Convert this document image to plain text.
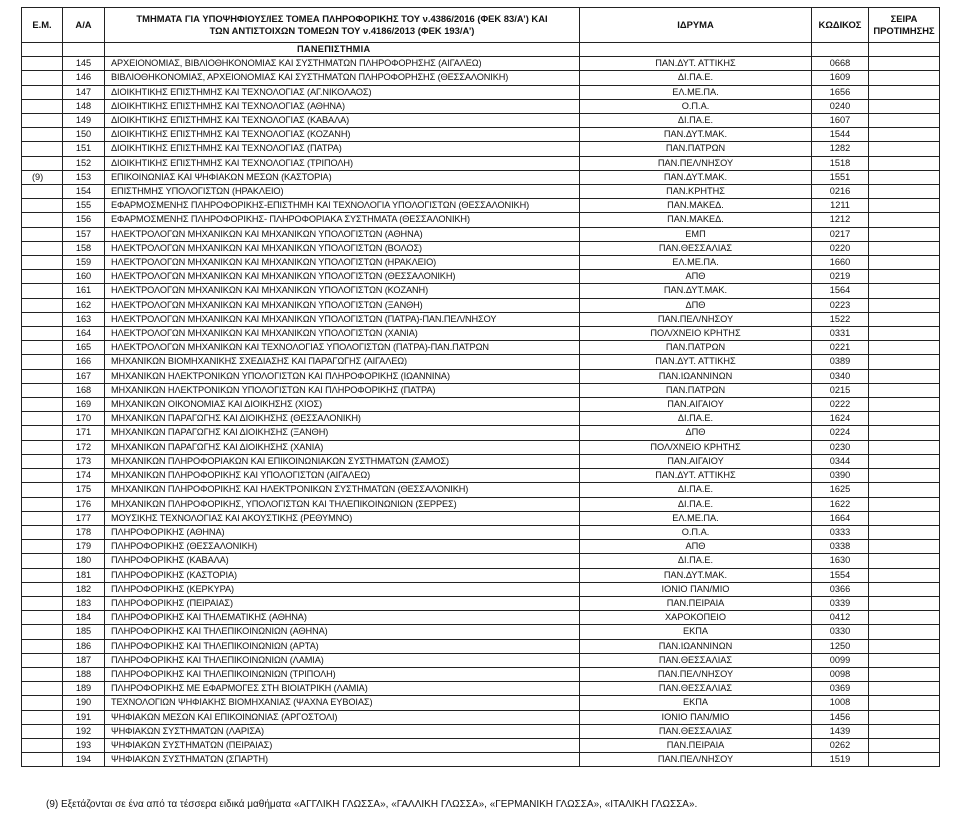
Ε.Μ.	Α/Α	ΤΜΗΜΑΤΑ ΓΙΑ ΥΠΟΨΗΦΙΟΥΣ/ΙΕΣ ΤΟΜΕΑ ΠΛΗΡΟΦΟΡΙΚΗΣ ΤΟΥ ν.4386/2016 (ΦΕΚ 83/Α’) ΚΑΙ
ΤΩΝ ΑΝΤΙΣΤΟΙΧΩΝ ΤΟΜΕΩΝ ΤΟΥ ν.4186/2013 (ΦΕΚ 193/Α’)	ΙΔΡΥΜΑ	ΚΩΔΙΚΟΣ	ΣΕΙΡΑ
ΠΡΟΤΙΜΗΣΗΣ
		ΠΑΝΕΠΙΣΤΗΜΙΑ			
	145	ΑΡΧΕΙΟΝΟΜΙΑΣ, ΒΙΒΛΙΟΘΗΚΟΝΟΜΙΑΣ ΚΑΙ ΣΥΣΤΗΜΑΤΩΝ ΠΛΗΡΟΦΟΡΗΣΗΣ (ΑΙΓΑΛΕΩ)	ΠΑΝ.ΔΥΤ. ΑΤΤΙΚΗΣ	0668	
	146	ΒΙΒΛΙΟΘΗΚΟΝΟΜΙΑΣ, ΑΡΧΕΙΟΝΟΜΙΑΣ ΚΑΙ ΣΥΣΤΗΜΑΤΩΝ ΠΛΗΡΟΦΟΡΗΣΗΣ (ΘΕΣΣΑΛΟΝΙΚΗ)	ΔΙ.ΠΑ.Ε.	1609	
	147	ΔΙΟΙΚΗΤΙΚΗΣ ΕΠΙΣΤΗΜΗΣ ΚΑΙ ΤΕΧΝΟΛΟΓΙΑΣ (ΑΓ.ΝΙΚΟΛΑΟΣ)	ΕΛ.ΜΕ.ΠΑ.	1656	
	148	ΔΙΟΙΚΗΤΙΚΗΣ ΕΠΙΣΤΗΜΗΣ ΚΑΙ ΤΕΧΝΟΛΟΓΙΑΣ (ΑΘΗΝΑ)	Ο.Π.Α.	0240	
	149	ΔΙΟΙΚΗΤΙΚΗΣ ΕΠΙΣΤΗΜΗΣ ΚΑΙ ΤΕΧΝΟΛΟΓΙΑΣ (ΚΑΒΑΛΑ)	ΔΙ.ΠΑ.Ε.	1607	
	150	ΔΙΟΙΚΗΤΙΚΗΣ ΕΠΙΣΤΗΜΗΣ ΚΑΙ ΤΕΧΝΟΛΟΓΙΑΣ (ΚΟΖΑΝΗ)	ΠΑΝ.ΔΥΤ.ΜΑΚ.	1544	
	151	ΔΙΟΙΚΗΤΙΚΗΣ ΕΠΙΣΤΗΜΗΣ ΚΑΙ ΤΕΧΝΟΛΟΓΙΑΣ (ΠΑΤΡΑ)	ΠΑΝ.ΠΑΤΡΩΝ	1282	
	152	ΔΙΟΙΚΗΤΙΚΗΣ ΕΠΙΣΤΗΜΗΣ ΚΑΙ ΤΕΧΝΟΛΟΓΙΑΣ (ΤΡΙΠΟΛΗ)	ΠΑΝ.ΠΕΛ/ΝΗΣΟΥ	1518	
(9)	153	ΕΠΙΚΟΙΝΩΝΙΑΣ ΚΑΙ ΨΗΦΙΑΚΩΝ ΜΕΣΩΝ (ΚΑΣΤΟΡΙΑ)	ΠΑΝ.ΔΥΤ.ΜΑΚ.	1551	
	154	ΕΠΙΣΤΗΜΗΣ ΥΠΟΛΟΓΙΣΤΩΝ (ΗΡΑΚΛΕΙΟ)	ΠΑΝ.ΚΡΗΤΗΣ	0216	
	155	ΕΦΑΡΜΟΣΜΕΝΗΣ ΠΛΗΡΟΦΟΡΙΚΗΣ-ΕΠΙΣΤΗΜΗ ΚΑΙ ΤΕΧΝΟΛΟΓΙΑ ΥΠΟΛΟΓΙΣΤΩΝ (ΘΕΣΣΑΛΟΝΙΚΗ)	ΠΑΝ.ΜΑΚΕΔ.	1211	
	156	ΕΦΑΡΜΟΣΜΕΝΗΣ ΠΛΗΡΟΦΟΡΙΚΗΣ- ΠΛΗΡΟΦΟΡΙΑΚΑ ΣΥΣΤΗΜΑΤΑ (ΘΕΣΣΑΛΟΝΙΚΗ)	ΠΑΝ.ΜΑΚΕΔ.	1212	
	157	ΗΛΕΚΤΡΟΛΟΓΩΝ ΜΗΧΑΝΙΚΩΝ ΚΑΙ ΜΗΧΑΝΙΚΩΝ ΥΠΟΛΟΓΙΣΤΩΝ (ΑΘΗΝΑ)	ΕΜΠ	0217	
	158	ΗΛΕΚΤΡΟΛΟΓΩΝ ΜΗΧΑΝΙΚΩΝ ΚΑΙ ΜΗΧΑΝΙΚΩΝ ΥΠΟΛΟΓΙΣΤΩΝ (ΒΟΛΟΣ)	ΠΑΝ.ΘΕΣΣΑΛΙΑΣ	0220	
	159	ΗΛΕΚΤΡΟΛΟΓΩΝ ΜΗΧΑΝΙΚΩΝ ΚΑΙ ΜΗΧΑΝΙΚΩΝ ΥΠΟΛΟΓΙΣΤΩΝ (ΗΡΑΚΛΕΙΟ)	ΕΛ.ΜΕ.ΠΑ.	1660	
	160	ΗΛΕΚΤΡΟΛΟΓΩΝ ΜΗΧΑΝΙΚΩΝ ΚΑΙ ΜΗΧΑΝΙΚΩΝ ΥΠΟΛΟΓΙΣΤΩΝ (ΘΕΣΣΑΛΟΝΙΚΗ)	ΑΠΘ	0219	
	161	ΗΛΕΚΤΡΟΛΟΓΩΝ ΜΗΧΑΝΙΚΩΝ ΚΑΙ ΜΗΧΑΝΙΚΩΝ ΥΠΟΛΟΓΙΣΤΩΝ (ΚΟΖΑΝΗ)	ΠΑΝ.ΔΥΤ.ΜΑΚ.	1564	
	162	ΗΛΕΚΤΡΟΛΟΓΩΝ ΜΗΧΑΝΙΚΩΝ ΚΑΙ ΜΗΧΑΝΙΚΩΝ ΥΠΟΛΟΓΙΣΤΩΝ (ΞΑΝΘΗ)	ΔΠΘ	0223	
	163	ΗΛΕΚΤΡΟΛΟΓΩΝ ΜΗΧΑΝΙΚΩΝ ΚΑΙ ΜΗΧΑΝΙΚΩΝ ΥΠΟΛΟΓΙΣΤΩΝ (ΠΑΤΡΑ)-ΠΑΝ.ΠΕΛ/ΝΗΣΟΥ	ΠΑΝ.ΠΕΛ/ΝΗΣΟΥ	1522	
	164	ΗΛΕΚΤΡΟΛΟΓΩΝ ΜΗΧΑΝΙΚΩΝ ΚΑΙ ΜΗΧΑΝΙΚΩΝ ΥΠΟΛΟΓΙΣΤΩΝ (ΧΑΝΙΑ)	ΠΟΛ/ΧΝΕΙΟ ΚΡΗΤΗΣ	0331	
	165	ΗΛΕΚΤΡΟΛΟΓΩΝ ΜΗΧΑΝΙΚΩΝ ΚΑΙ ΤΕΧΝΟΛΟΓΙΑΣ ΥΠΟΛΟΓΙΣΤΩΝ (ΠΑΤΡΑ)-ΠΑΝ.ΠΑΤΡΩΝ	ΠΑΝ.ΠΑΤΡΩΝ	0221	
	166	ΜΗΧΑΝΙΚΩΝ ΒΙΟΜΗΧΑΝΙΚΗΣ ΣΧΕΔΙΑΣΗΣ ΚΑΙ ΠΑΡΑΓΩΓΗΣ (ΑΙΓΑΛΕΩ)	ΠΑΝ.ΔΥΤ. ΑΤΤΙΚΗΣ	0389	
	167	ΜΗΧΑΝΙΚΩΝ ΗΛΕΚΤΡΟΝΙΚΩΝ ΥΠΟΛΟΓΙΣΤΩΝ ΚΑΙ ΠΛΗΡΟΦΟΡΙΚΗΣ (ΙΩΑΝΝΙΝΑ)	ΠΑΝ.ΙΩΑΝΝΙΝΩΝ	0340	
	168	ΜΗΧΑΝΙΚΩΝ ΗΛΕΚΤΡΟΝΙΚΩΝ ΥΠΟΛΟΓΙΣΤΩΝ ΚΑΙ ΠΛΗΡΟΦΟΡΙΚΗΣ (ΠΑΤΡΑ)	ΠΑΝ.ΠΑΤΡΩΝ	0215	
	169	ΜΗΧΑΝΙΚΩΝ ΟΙΚΟΝΟΜΙΑΣ ΚΑΙ ΔΙΟΙΚΗΣΗΣ (ΧΙΟΣ)	ΠΑΝ.ΑΙΓΑΙΟΥ	0222	
	170	ΜΗΧΑΝΙΚΩΝ ΠΑΡΑΓΩΓΗΣ ΚΑΙ ΔΙΟΙΚΗΣΗΣ (ΘΕΣΣΑΛΟΝΙΚΗ)	ΔΙ.ΠΑ.Ε.	1624	
	171	ΜΗΧΑΝΙΚΩΝ ΠΑΡΑΓΩΓΗΣ ΚΑΙ ΔΙΟΙΚΗΣΗΣ (ΞΑΝΘΗ)	ΔΠΘ	0224	
	172	ΜΗΧΑΝΙΚΩΝ ΠΑΡΑΓΩΓΗΣ ΚΑΙ ΔΙΟΙΚΗΣΗΣ (ΧΑΝΙΑ)	ΠΟΛ/ΧΝΕΙΟ ΚΡΗΤΗΣ	0230	
	173	ΜΗΧΑΝΙΚΩΝ ΠΛΗΡΟΦΟΡΙΑΚΩΝ ΚΑΙ ΕΠΙΚΟΙΝΩΝΙΑΚΩΝ ΣΥΣΤΗΜΑΤΩΝ (ΣΑΜΟΣ)	ΠΑΝ.ΑΙΓΑΙΟΥ	0344	
	174	ΜΗΧΑΝΙΚΩΝ ΠΛΗΡΟΦΟΡΙΚΗΣ ΚΑΙ ΥΠΟΛΟΓΙΣΤΩΝ (ΑΙΓΑΛΕΩ)	ΠΑΝ.ΔΥΤ. ΑΤΤΙΚΗΣ	0390	
	175	ΜΗΧΑΝΙΚΩΝ ΠΛΗΡΟΦΟΡΙΚΗΣ ΚΑΙ ΗΛΕΚΤΡΟΝΙΚΩΝ ΣΥΣΤΗΜΑΤΩΝ (ΘΕΣΣΑΛΟΝΙΚΗ)	ΔΙ.ΠΑ.Ε.	1625	
	176	ΜΗΧΑΝΙΚΩΝ ΠΛΗΡΟΦΟΡΙΚΗΣ, ΥΠΟΛΟΓΙΣΤΩΝ ΚΑΙ ΤΗΛΕΠΙΚΟΙΝΩΝΙΩΝ (ΣΕΡΡΕΣ)	ΔΙ.ΠΑ.Ε.	1622	
	177	ΜΟΥΣΙΚΗΣ ΤΕΧΝΟΛΟΓΙΑΣ ΚΑΙ ΑΚΟΥΣΤΙΚΗΣ (ΡΕΘΥΜΝΟ)	ΕΛ.ΜΕ.ΠΑ.	1664	
	178	ΠΛΗΡΟΦΟΡΙΚΗΣ (ΑΘΗΝΑ)	Ο.Π.Α.	0333	
	179	ΠΛΗΡΟΦΟΡΙΚΗΣ (ΘΕΣΣΑΛΟΝΙΚΗ)	ΑΠΘ	0338	
	180	ΠΛΗΡΟΦΟΡΙΚΗΣ (ΚΑΒΑΛΑ)	ΔΙ.ΠΑ.Ε.	1630	
	181	ΠΛΗΡΟΦΟΡΙΚΗΣ (ΚΑΣΤΟΡΙΑ)	ΠΑΝ.ΔΥΤ.ΜΑΚ.	1554	
	182	ΠΛΗΡΟΦΟΡΙΚΗΣ (ΚΕΡΚΥΡΑ)	ΙΟΝΙΟ ΠΑΝ/ΜΙΟ	0366	
	183	ΠΛΗΡΟΦΟΡΙΚΗΣ (ΠΕΙΡΑΙΑΣ)	ΠΑΝ.ΠΕΙΡΑΙΑ	0339	
	184	ΠΛΗΡΟΦΟΡΙΚΗΣ ΚΑΙ ΤΗΛΕΜΑΤΙΚΗΣ (ΑΘΗΝΑ)	ΧΑΡΟΚΟΠΕΙΟ	0412	
	185	ΠΛΗΡΟΦΟΡΙΚΗΣ ΚΑΙ ΤΗΛΕΠΙΚΟΙΝΩΝΙΩΝ (ΑΘΗΝΑ)	ΕΚΠΑ	0330	
	186	ΠΛΗΡΟΦΟΡΙΚΗΣ ΚΑΙ ΤΗΛΕΠΙΚΟΙΝΩΝΙΩΝ (ΑΡΤΑ)	ΠΑΝ.ΙΩΑΝΝΙΝΩΝ	1250	
	187	ΠΛΗΡΟΦΟΡΙΚΗΣ ΚΑΙ ΤΗΛΕΠΙΚΟΙΝΩΝΙΩΝ (ΛΑΜΙΑ)	ΠΑΝ.ΘΕΣΣΑΛΙΑΣ	0099	
	188	ΠΛΗΡΟΦΟΡΙΚΗΣ ΚΑΙ ΤΗΛΕΠΙΚΟΙΝΩΝΙΩΝ (ΤΡΙΠΟΛΗ)	ΠΑΝ.ΠΕΛ/ΝΗΣΟΥ	0098	
	189	ΠΛΗΡΟΦΟΡΙΚΗΣ ΜΕ ΕΦΑΡΜΟΓΕΣ ΣΤΗ ΒΙΟΙΑΤΡΙΚΗ (ΛΑΜΙΑ)	ΠΑΝ.ΘΕΣΣΑΛΙΑΣ	0369	
	190	ΤΕΧΝΟΛΟΓΙΩΝ ΨΗΦΙΑΚΗΣ ΒΙΟΜΗΧΑΝΙΑΣ (ΨΑΧΝΑ ΕΥΒΟΙΑΣ)	ΕΚΠΑ	1008	
	191	ΨΗΦΙΑΚΩΝ ΜΕΣΩΝ ΚΑΙ ΕΠΙΚΟΙΝΩΝΙΑΣ (ΑΡΓΟΣΤΟΛΙ)	ΙΟΝΙΟ ΠΑΝ/ΜΙΟ	1456	
	192	ΨΗΦΙΑΚΩΝ ΣΥΣΤΗΜΑΤΩΝ (ΛΑΡΙΣΑ)	ΠΑΝ.ΘΕΣΣΑΛΙΑΣ	1439	
	193	ΨΗΦΙΑΚΩΝ ΣΥΣΤΗΜΑΤΩΝ (ΠΕΙΡΑΙΑΣ)	ΠΑΝ.ΠΕΙΡΑΙΑ	0262	
	194	ΨΗΦΙΑΚΩΝ ΣΥΣΤΗΜΑΤΩΝ (ΣΠΑΡΤΗ)	ΠΑΝ.ΠΕΛ/ΝΗΣΟΥ	1519	
(9) Εξετάζονται σε ένα από τα τέσσερα ειδικά μαθήματα «ΑΓΓΛΙΚΗ ΓΛΩΣΣΑ», «ΓΑΛΛΙΚΗ ΓΛΩΣΣΑ», «ΓΕΡΜΑΝΙΚΗ ΓΛΩΣΣΑ», «ΙΤΑΛΙΚΗ ΓΛΩΣΣΑ».
